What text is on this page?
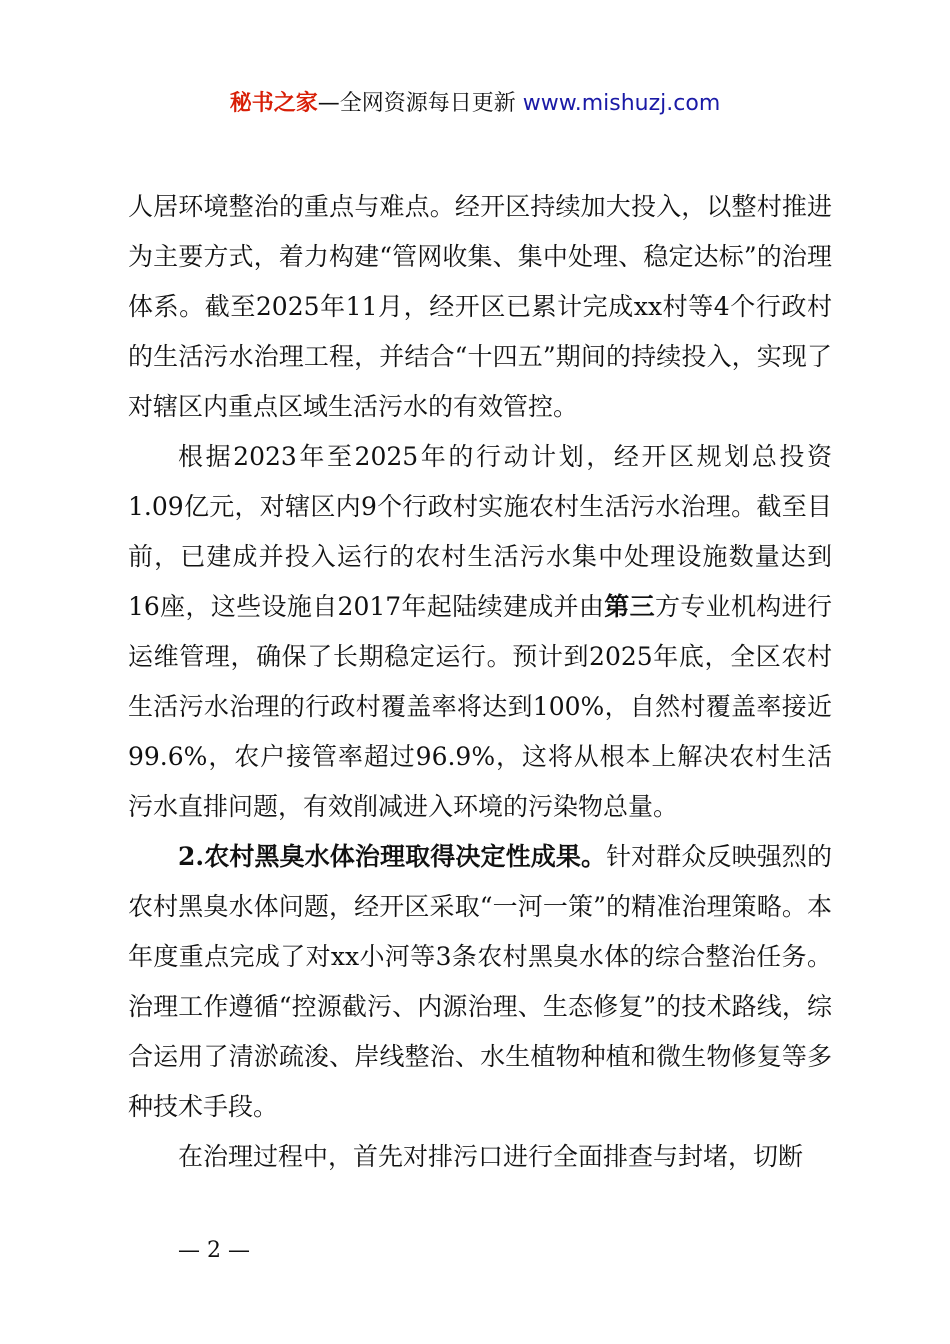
秘书之家—全网资源每日更新 www.mishuzj.com

人居环境整治的重点与难点。经开区持续加大投入，以整村推进为主要方式，着力构建“管网收集、集中处理、稳定达标”的治理体系。截至2025年11月，经开区已累计完成xx村等4个行政村的生活污水治理工程，并结合“十四五”期间的持续投入，实现了对辖区内重点区域生活污水的有效管控。

根据2023年至2025年的行动计划，经开区规划总投资1.09亿元，对辖区内9个行政村实施农村生活污水治理。截至目前，已建成并投入运行的农村生活污水集中处理设施数量达到16座，这些设施自2017年起陆续建成并由第三方专业机构进行运维管理，确保了长期稳定运行。预计到2025年底，全区农村生活污水治理的行政村覆盖率将达到100%，自然村覆盖率接近99.6%，农户接管率超过96.9%，这将从根本上解决农村生活污水直排问题，有效削减进入环境的污染物总量。

2.农村黑臭水体治理取得决定性成果。针对群众反映强烈的农村黑臭水体问题，经开区采取“一河一策”的精准治理策略。本年度重点完成了对xx小河等3条农村黑臭水体的综合整治任务。治理工作遵循“控源截污、内源治理、生态修复”的技术路线，综合运用了清淤疏浚、岸线整治、水生植物种植和微生物修复等多种技术手段。

在治理过程中，首先对排污口进行全面排查与封堵，切断

— 2 —
